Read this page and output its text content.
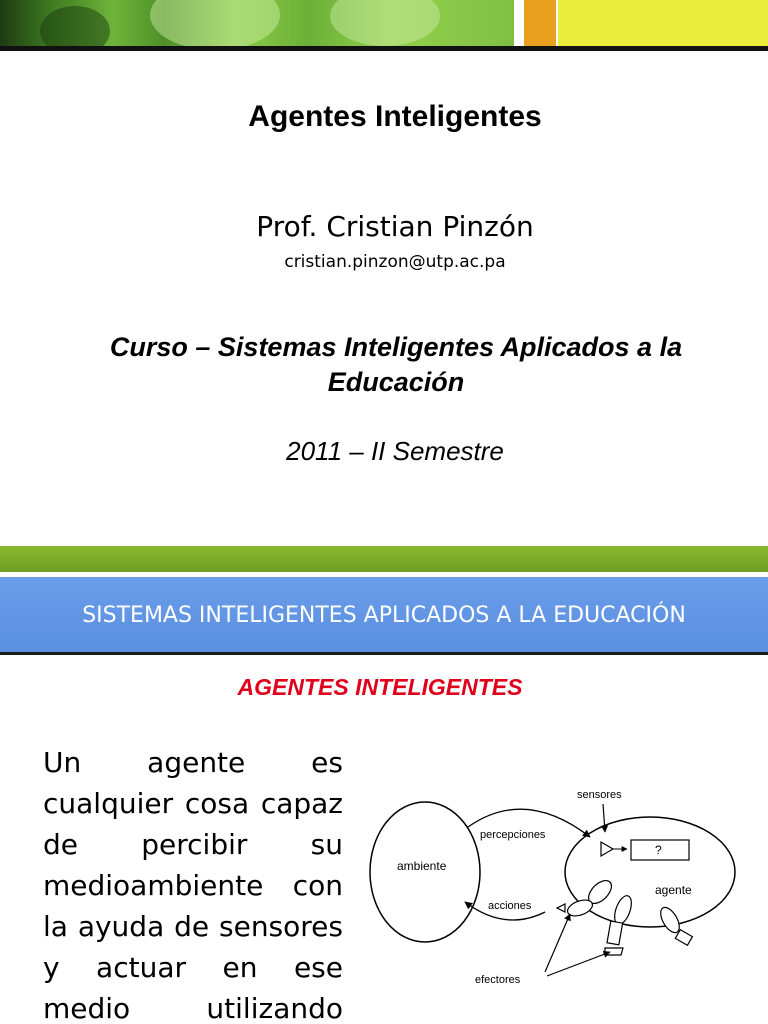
Agentes Inteligentes
Prof. Cristian Pinzón
cristian.pinzon@utp.ac.pa
Curso – Sistemas Inteligentes Aplicados a la
Educación
2011 – II Semestre
SISTEMAS INTELIGENTES APLICADOS A LA EDUCACIÓN
AGENTES INTELIGENTES
Un agente es
cualquier cosa capaz
de percibir su
medioambiente con
la ayuda de sensores
y actuar en ese
medio utilizando
ambiente
agente
sensores
percepciones
acciones
?
efectores
